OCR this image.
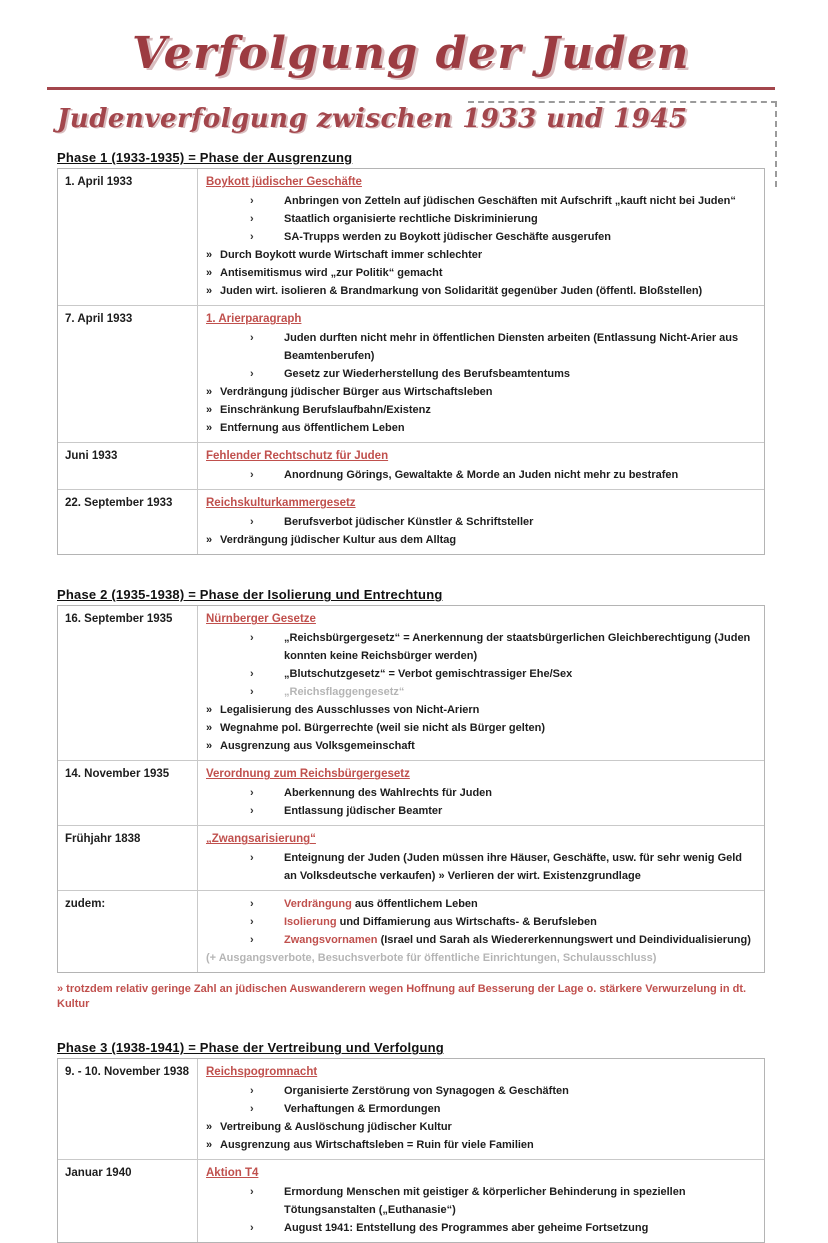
Verfolgung der Juden
Judenverfolgung zwischen 1933 und 1945
Phase 1 (1933-1935) = Phase der Ausgrenzung
1. April 1933	Boykott jüdischer Geschäfte
›	Anbringen von Zetteln auf jüdischen Geschäften mit Aufschrift „kauft nicht bei Juden“
›	Staatlich organisierte rechtliche Diskriminierung
›	SA-Trupps werden zu Boykott jüdischer Geschäfte ausgerufen
» Durch Boykott wurde Wirtschaft immer schlechter
» Antisemitismus wird „zur Politik“ gemacht
» Juden wirt. isolieren & Brandmarkung von Solidarität gegenüber Juden (öffentl. Bloßstellen)
7. April 1933	1. Arierparagraph
›	Juden durften nicht mehr in öffentlichen Diensten arbeiten (Entlassung Nicht-Arier aus Beamtenberufen)
›	Gesetz zur Wiederherstellung des Berufsbeamtentums
» Verdrängung jüdischer Bürger aus Wirtschaftsleben
» Einschränkung Berufslaufbahn/Existenz
» Entfernung aus öffentlichem Leben
Juni 1933	Fehlender Rechtschutz für Juden
›	Anordnung Görings, Gewaltakte & Morde an Juden nicht mehr zu bestrafen
22. September 1933	Reichskulturkammergesetz
›	Berufsverbot jüdischer Künstler & Schriftsteller
» Verdrängung jüdischer Kultur aus dem Alltag
Phase 2 (1935-1938) = Phase der Isolierung und Entrechtung
16. September 1935	Nürnberger Gesetze
›	„Reichsbürgergesetz“ = Anerkennung der staatsbürgerlichen Gleichberechtigung (Juden konnten keine Reichsbürger werden)
›	„Blutschutzgesetz“ = Verbot gemischtrassiger Ehe/Sex
›	„Reichsflaggengesetz“
» Legalisierung des Ausschlusses von Nicht-Ariern
» Wegnahme pol. Bürgerrechte (weil sie nicht als Bürger gelten)
» Ausgrenzung aus Volksgemeinschaft
14. November 1935	Verordnung zum Reichsbürgergesetz
›	Aberkennung des Wahlrechts für Juden
›	Entlassung jüdischer Beamter
Frühjahr 1838	„Zwangsarisierung“
›	Enteignung der Juden (Juden müssen ihre Häuser, Geschäfte, usw. für sehr wenig Geld an Volksdeutsche verkaufen) » Verlieren der wirt. Existenzgrundlage
zudem:	›	Verdrängung aus öffentlichem Leben
›	Isolierung und Diffamierung aus Wirtschafts- & Berufsleben
›	Zwangsvornamen (Israel und Sarah als Wiedererkennungswert und Deindividualisierung)
(+ Ausgangsverbote, Besuchsverbote für öffentliche Einrichtungen, Schulausschluss)
» trotzdem relativ geringe Zahl an jüdischen Auswanderern wegen Hoffnung auf Besserung der Lage o. stärkere Verwurzelung in dt. Kultur
Phase 3 (1938-1941) = Phase der Vertreibung und Verfolgung
9. - 10. November 1938	Reichspogromnacht
›	Organisierte Zerstörung von Synagogen & Geschäften
›	Verhaftungen & Ermordungen
» Vertreibung & Auslöschung jüdischer Kultur
» Ausgrenzung aus Wirtschaftsleben = Ruin für viele Familien
Januar 1940	Aktion T4
›	Ermordung Menschen mit geistiger & körperlicher Behinderung in speziellen Tötungsanstalten („Euthanasie“)
›	August 1941: Entstellung des Programmes aber geheime Fortsetzung
